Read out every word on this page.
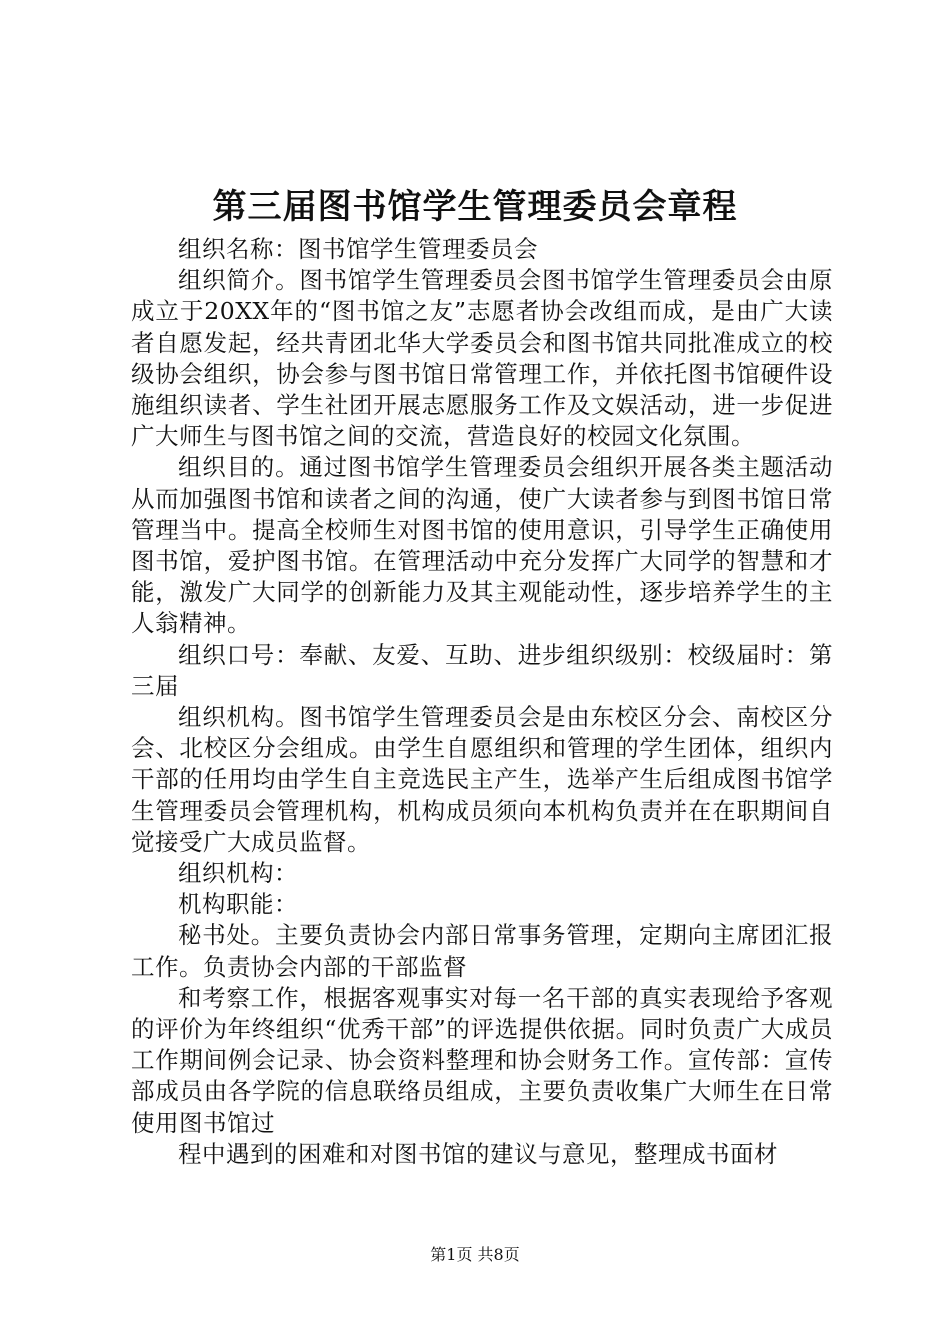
第三届图书馆学生管理委员会章程

组织名称：图书馆学生管理委员会

组织简介。图书馆学生管理委员会图书馆学生管理委员会由原成立于20XX年的“图书馆之友”志愿者协会改组而成，是由广大读者自愿发起，经共青团北华大学委员会和图书馆共同批准成立的校级协会组织，协会参与图书馆日常管理工作，并依托图书馆硬件设施组织读者、学生社团开展志愿服务工作及文娱活动，进一步促进广大师生与图书馆之间的交流，营造良好的校园文化氛围。

组织目的。通过图书馆学生管理委员会组织开展各类主题活动从而加强图书馆和读者之间的沟通，使广大读者参与到图书馆日常管理当中。提高全校师生对图书馆的使用意识，引导学生正确使用图书馆，爱护图书馆。在管理活动中充分发挥广大同学的智慧和才能，激发广大同学的创新能力及其主观能动性，逐步培养学生的主人翁精神。

组织口号：奉献、友爱、互助、进步组织级别：校级届时：第三届

组织机构。图书馆学生管理委员会是由东校区分会、南校区分会、北校区分会组成。由学生自愿组织和管理的学生团体，组织内干部的任用均由学生自主竞选民主产生，选举产生后组成图书馆学生管理委员会管理机构，机构成员须向本机构负责并在在职期间自觉接受广大成员监督。

组织机构：

机构职能：

秘书处。主要负责协会内部日常事务管理，定期向主席团汇报工作。负责协会内部的干部监督

和考察工作，根据客观事实对每一名干部的真实表现给予客观的评价为年终组织“优秀干部”的评选提供依据。同时负责广大成员工作期间例会记录、协会资料整理和协会财务工作。宣传部：宣传部成员由各学院的信息联络员组成，主要负责收集广大师生在日常使用图书馆过

程中遇到的困难和对图书馆的建议与意见，整理成书面材

第1页 共8页
